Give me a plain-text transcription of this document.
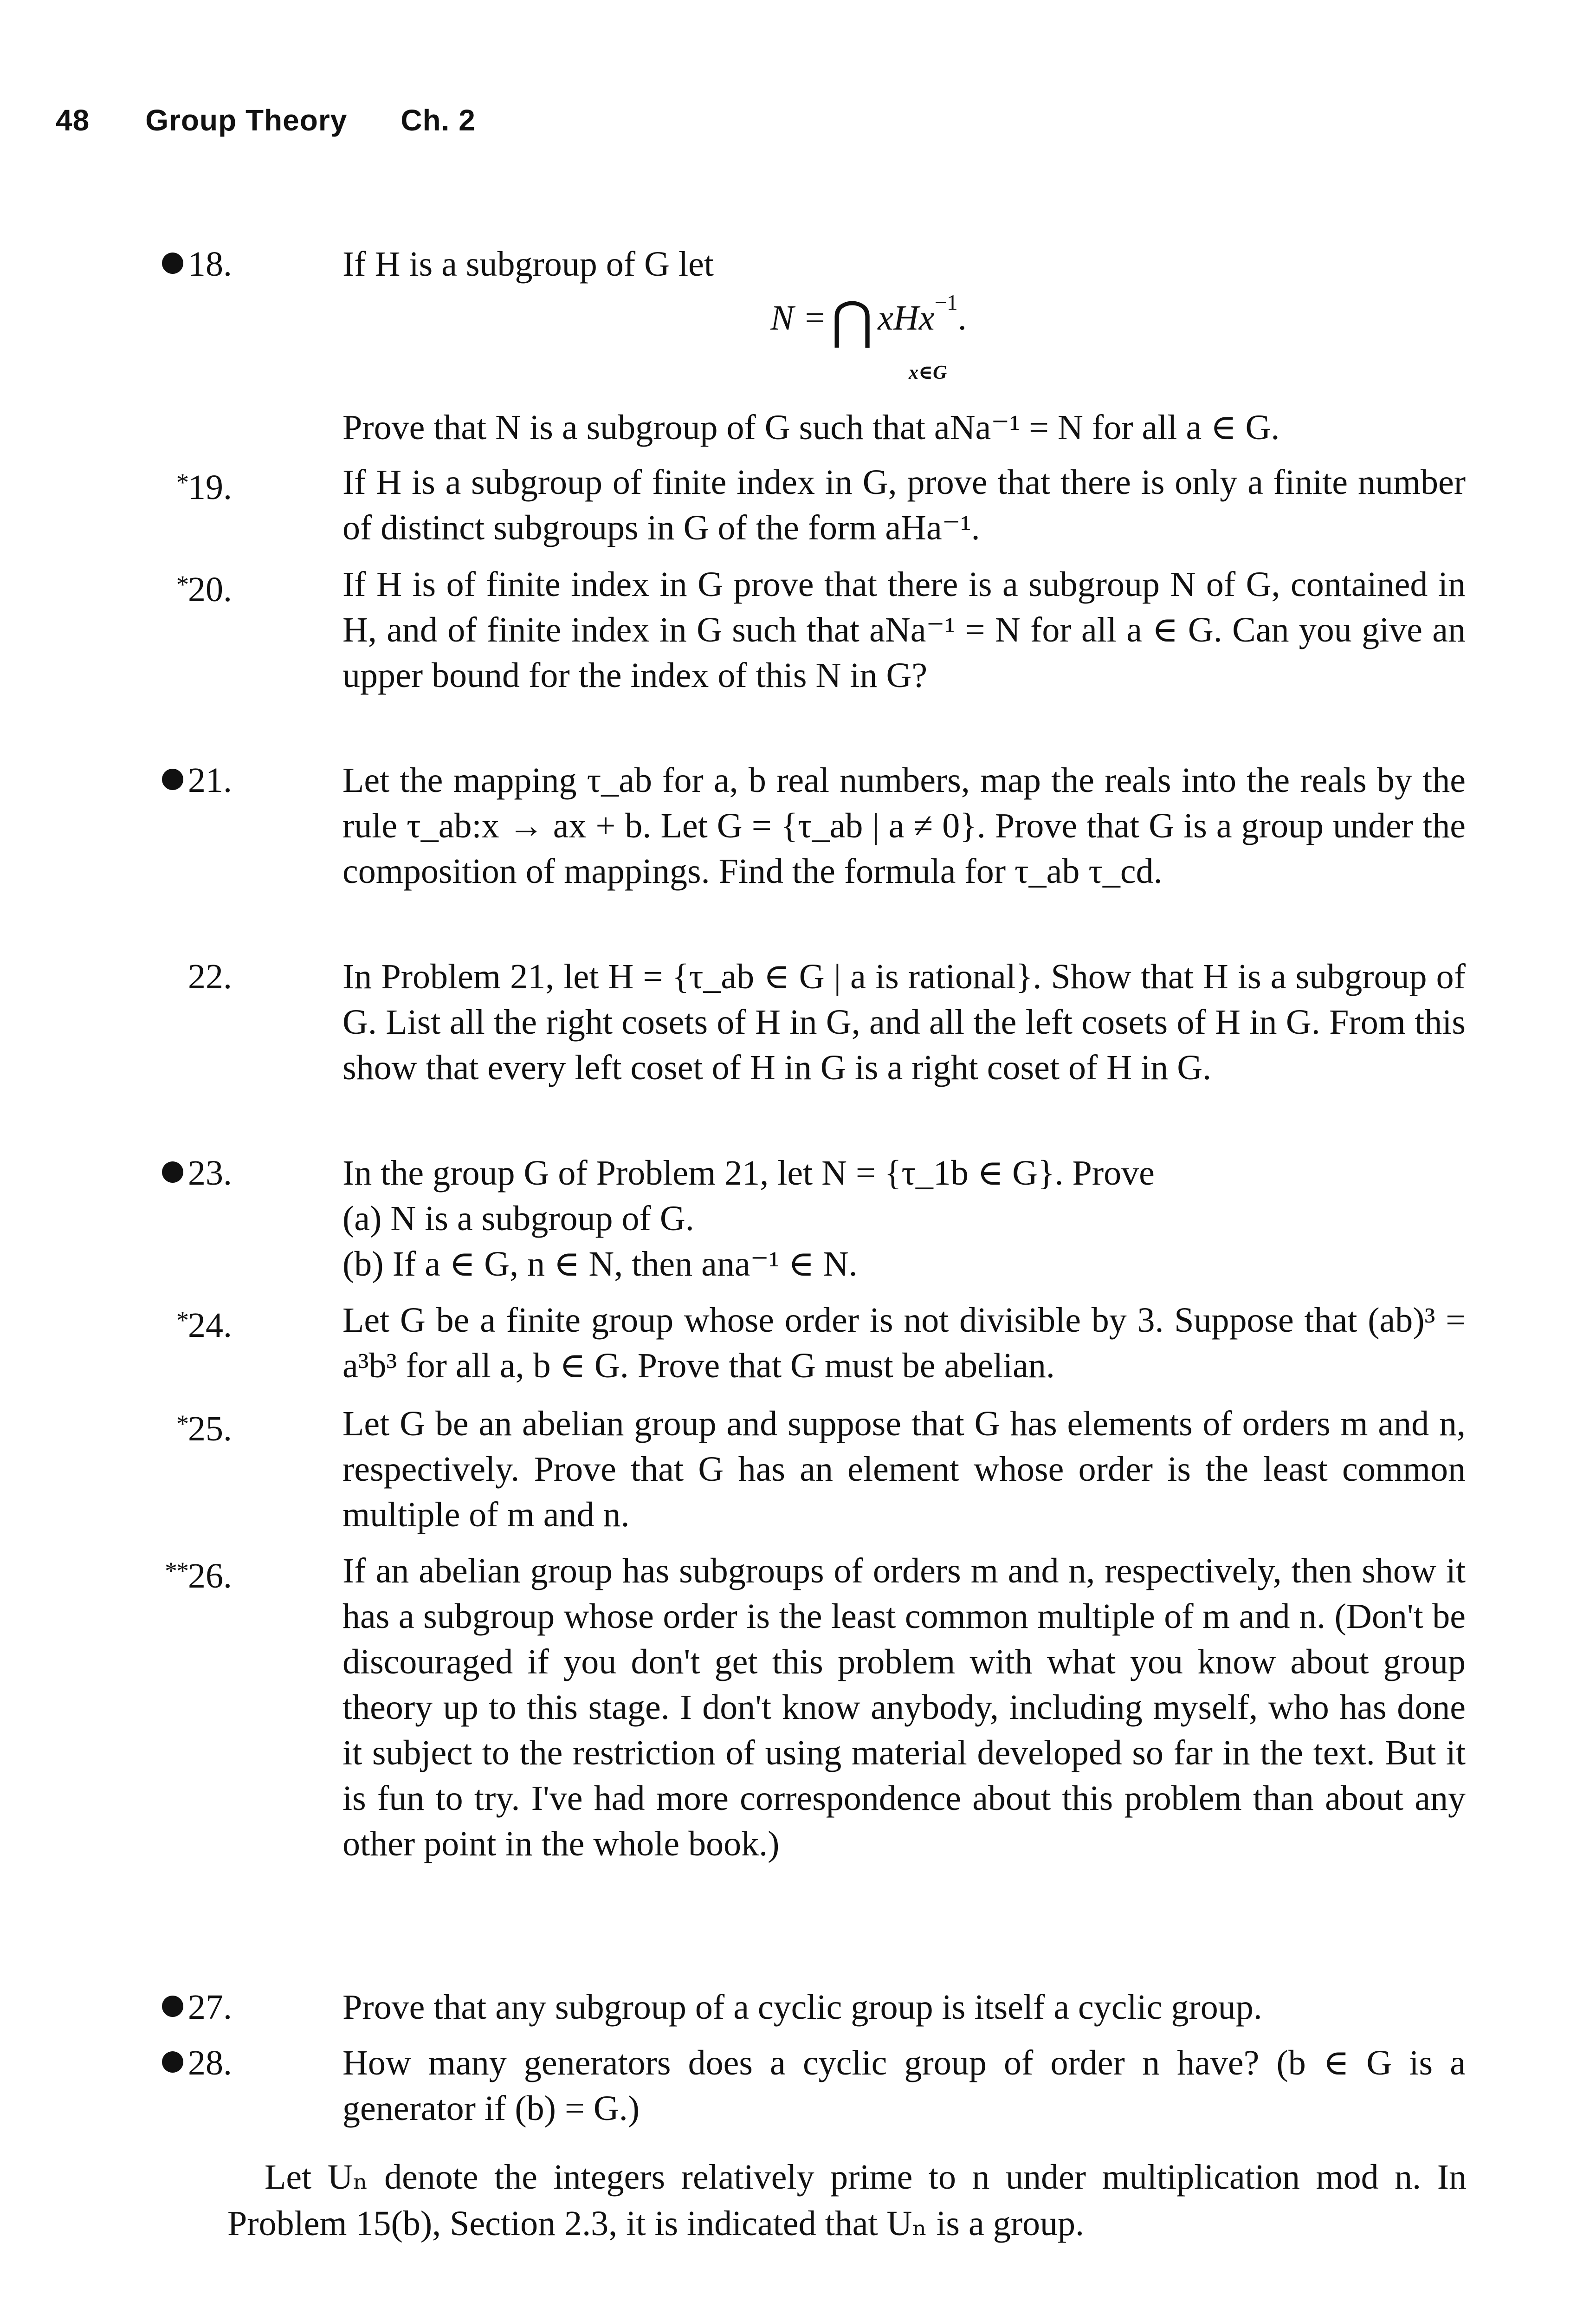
48 Group Theory Ch. 2
18.	If H is a subgroup of G let

N =⋂ xHx$^{-1}$.
x∈G

Prove that N is a subgroup of G such that aNa⁻¹ = N for all a ∈ G.

*19.	If H is a subgroup of finite index in G, prove that there is only a finite number of distinct subgroups in G of the form aHa⁻¹.
*20.	If H is of finite index in G prove that there is a subgroup N of G, contained in H, and of finite index in G such that aNa⁻¹ = N for all a ∈ G. Can you give an upper bound for the index of this N in G?
21.	Let the mapping τ_ab for a, b real numbers, map the reals into the reals by the rule τ_ab:x → ax + b. Let G = {τ_ab | a ≠ 0}. Prove that G is a group under the composition of mappings. Find the formula for τ_ab τ_cd.
22.	In Problem 21, let H = {τ_ab ∈ G | a is rational}. Show that H is a subgroup of G. List all the right cosets of H in G, and all the left cosets of H in G. From this show that every left coset of H in G is a right coset of H in G.
23.	In the group G of Problem 21, let N = {τ_1b ∈ G}. Prove

(a) N is a subgroup of G.

(b) If a ∈ G, n ∈ N, then ana⁻¹ ∈ N.

*24.	Let G be a finite group whose order is not divisible by 3. Suppose that (ab)³ = a³b³ for all a, b ∈ G. Prove that G must be abelian.
*25.	Let G be an abelian group and suppose that G has elements of orders m and n, respectively. Prove that G has an element whose order is the least common multiple of m and n.
**26.	If an abelian group has subgroups of orders m and n, respectively, then show it has a subgroup whose order is the least common multiple of m and n. (Don't be discouraged if you don't get this problem with what you know about group theory up to this stage. I don't know anybody, including myself, who has done it subject to the restriction of using material developed so far in the text. But it is fun to try. I've had more correspondence about this problem than about any other point in the whole book.)
27.	Prove that any subgroup of a cyclic group is itself a cyclic group.
28.	How many generators does a cyclic group of order n have? (b ∈ G is a generator if (b) = G.)

Let Uₙ denote the integers relatively prime to n under multiplication mod n. In Problem 15(b), Section 2.3, it is indicated that Uₙ is a group.
